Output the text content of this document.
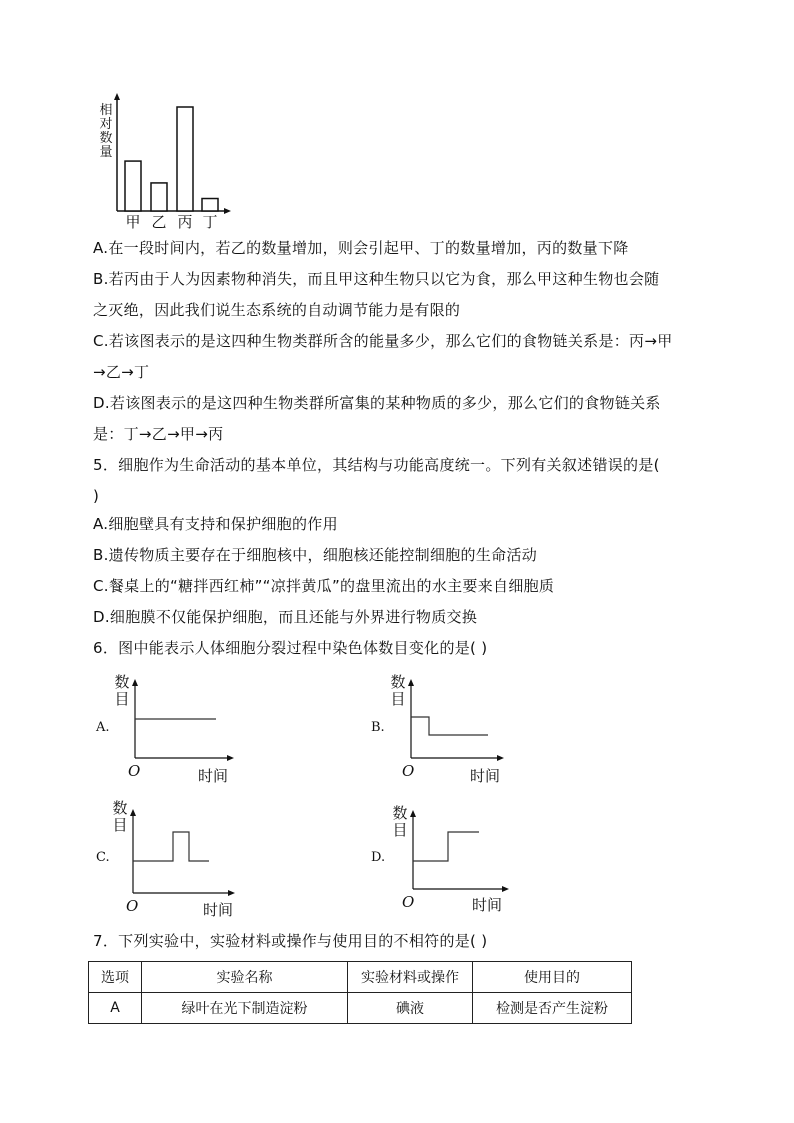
相
对
数
量
甲 乙 丙 丁
A.在一段时间内，若乙的数量增加，则会引起甲、丁的数量增加，丙的数量下降
B.若丙由于人为因素物种消失，而且甲这种生物只以它为食，那么甲这种生物也会随
之灭绝，因此我们说生态系统的自动调节能力是有限的
C.若该图表示的是这四种生物类群所含的能量多少，那么它们的食物链关系是：丙→甲
→乙→丁
D.若该图表示的是这四种生物类群所富集的某种物质的多少，那么它们的食物链关系
是：丁→乙→甲→丙
5．细胞作为生命活动的基本单位，其结构与功能高度统一。下列有关叙述错误的是(
)
A.细胞壁具有支持和保护细胞的作用
B.遗传物质主要存在于细胞核中，细胞核还能控制细胞的生命活动
C.餐桌上的“糖拌西红柿”“凉拌黄瓜”的盘里流出的水主要来自细胞质
D.细胞膜不仅能保护细胞，而且还能与外界进行物质交换
6．图中能表示人体细胞分裂过程中染色体数目变化的是( )
A.
数
目
O	时间
B.
数
目
O	时间
C.
数
目
O	时间
D.
数
目
O	时间
7．下列实验中，实验材料或操作与使用目的不相符的是( )
选项	实验名称	实验材料或操作	使用目的
A	绿叶在光下制造淀粉	碘液	检测是否产生淀粉
